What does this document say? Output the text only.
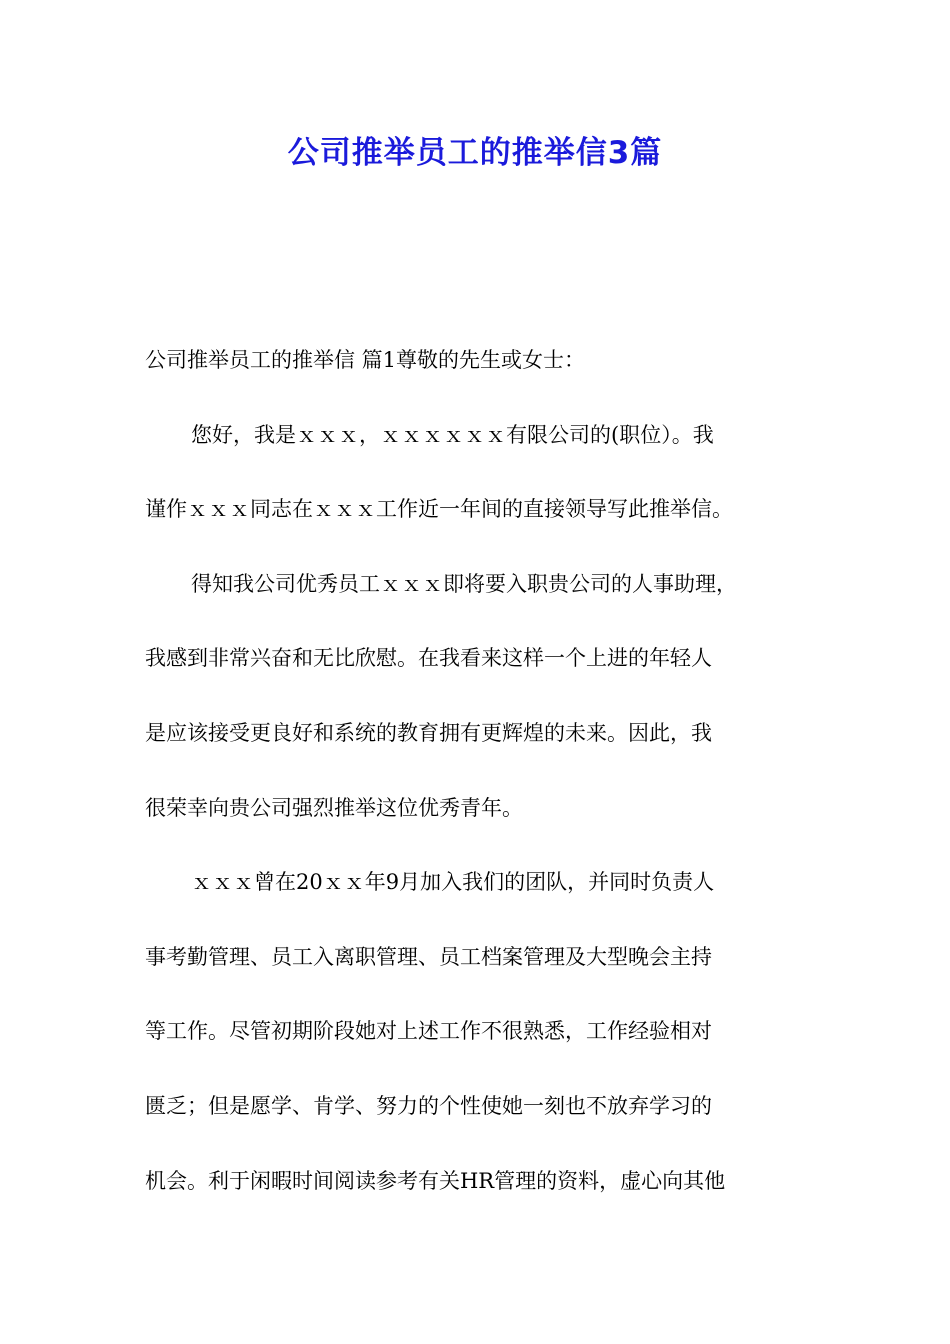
公司推举员工的推举信3篇

公司推举员工的推举信 篇1尊敬的先生或女士：

您好，我是ｘｘｘ，ｘｘｘｘｘｘ有限公司的(职位）。我

谨作ｘｘｘ同志在ｘｘｘ工作近一年间的直接领导写此推举信。

得知我公司优秀员工ｘｘｘ即将要入职贵公司的人事助理，

我感到非常兴奋和无比欣慰。在我看来这样一个上进的年轻人

是应该接受更良好和系统的教育拥有更辉煌的未来。因此，我

很荣幸向贵公司强烈推举这位优秀青年。

ｘｘｘ曾在20ｘｘ年9月加入我们的团队，并同时负责人

事考勤管理、员工入离职管理、员工档案管理及大型晚会主持

等工作。尽管初期阶段她对上述工作不很熟悉，工作经验相对

匮乏；但是愿学、肯学、努力的个性使她一刻也不放弃学习的

机会。利于闲暇时间阅读参考有关HR管理的资料，虚心向其他
